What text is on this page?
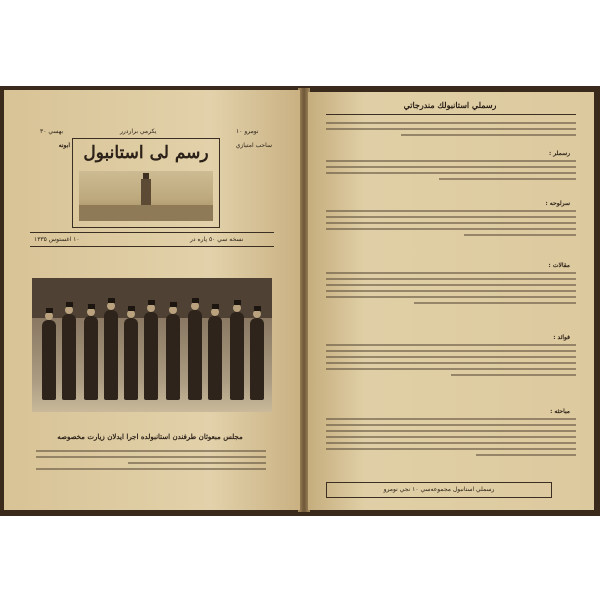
بهسي ٣٠	يكرمي براردرر	نومرو ١٠
رسم لى استانبول	ساحب امتيازي
ابونه
١٠ اغستوس ١٣٣٥	نسخه سي ٥٠ پاره در
مجلس مبعوثان طرفندن استانبولده اجرا ايدلان زيارت مخصوصه
رسملي استانبولك مندرجاتي
رسملر :
سرلوحه :
مقالات :
فوائد :
مباحثه :
رسملي استانبول مجموعه‌سي ١٠ نجي نومرو
